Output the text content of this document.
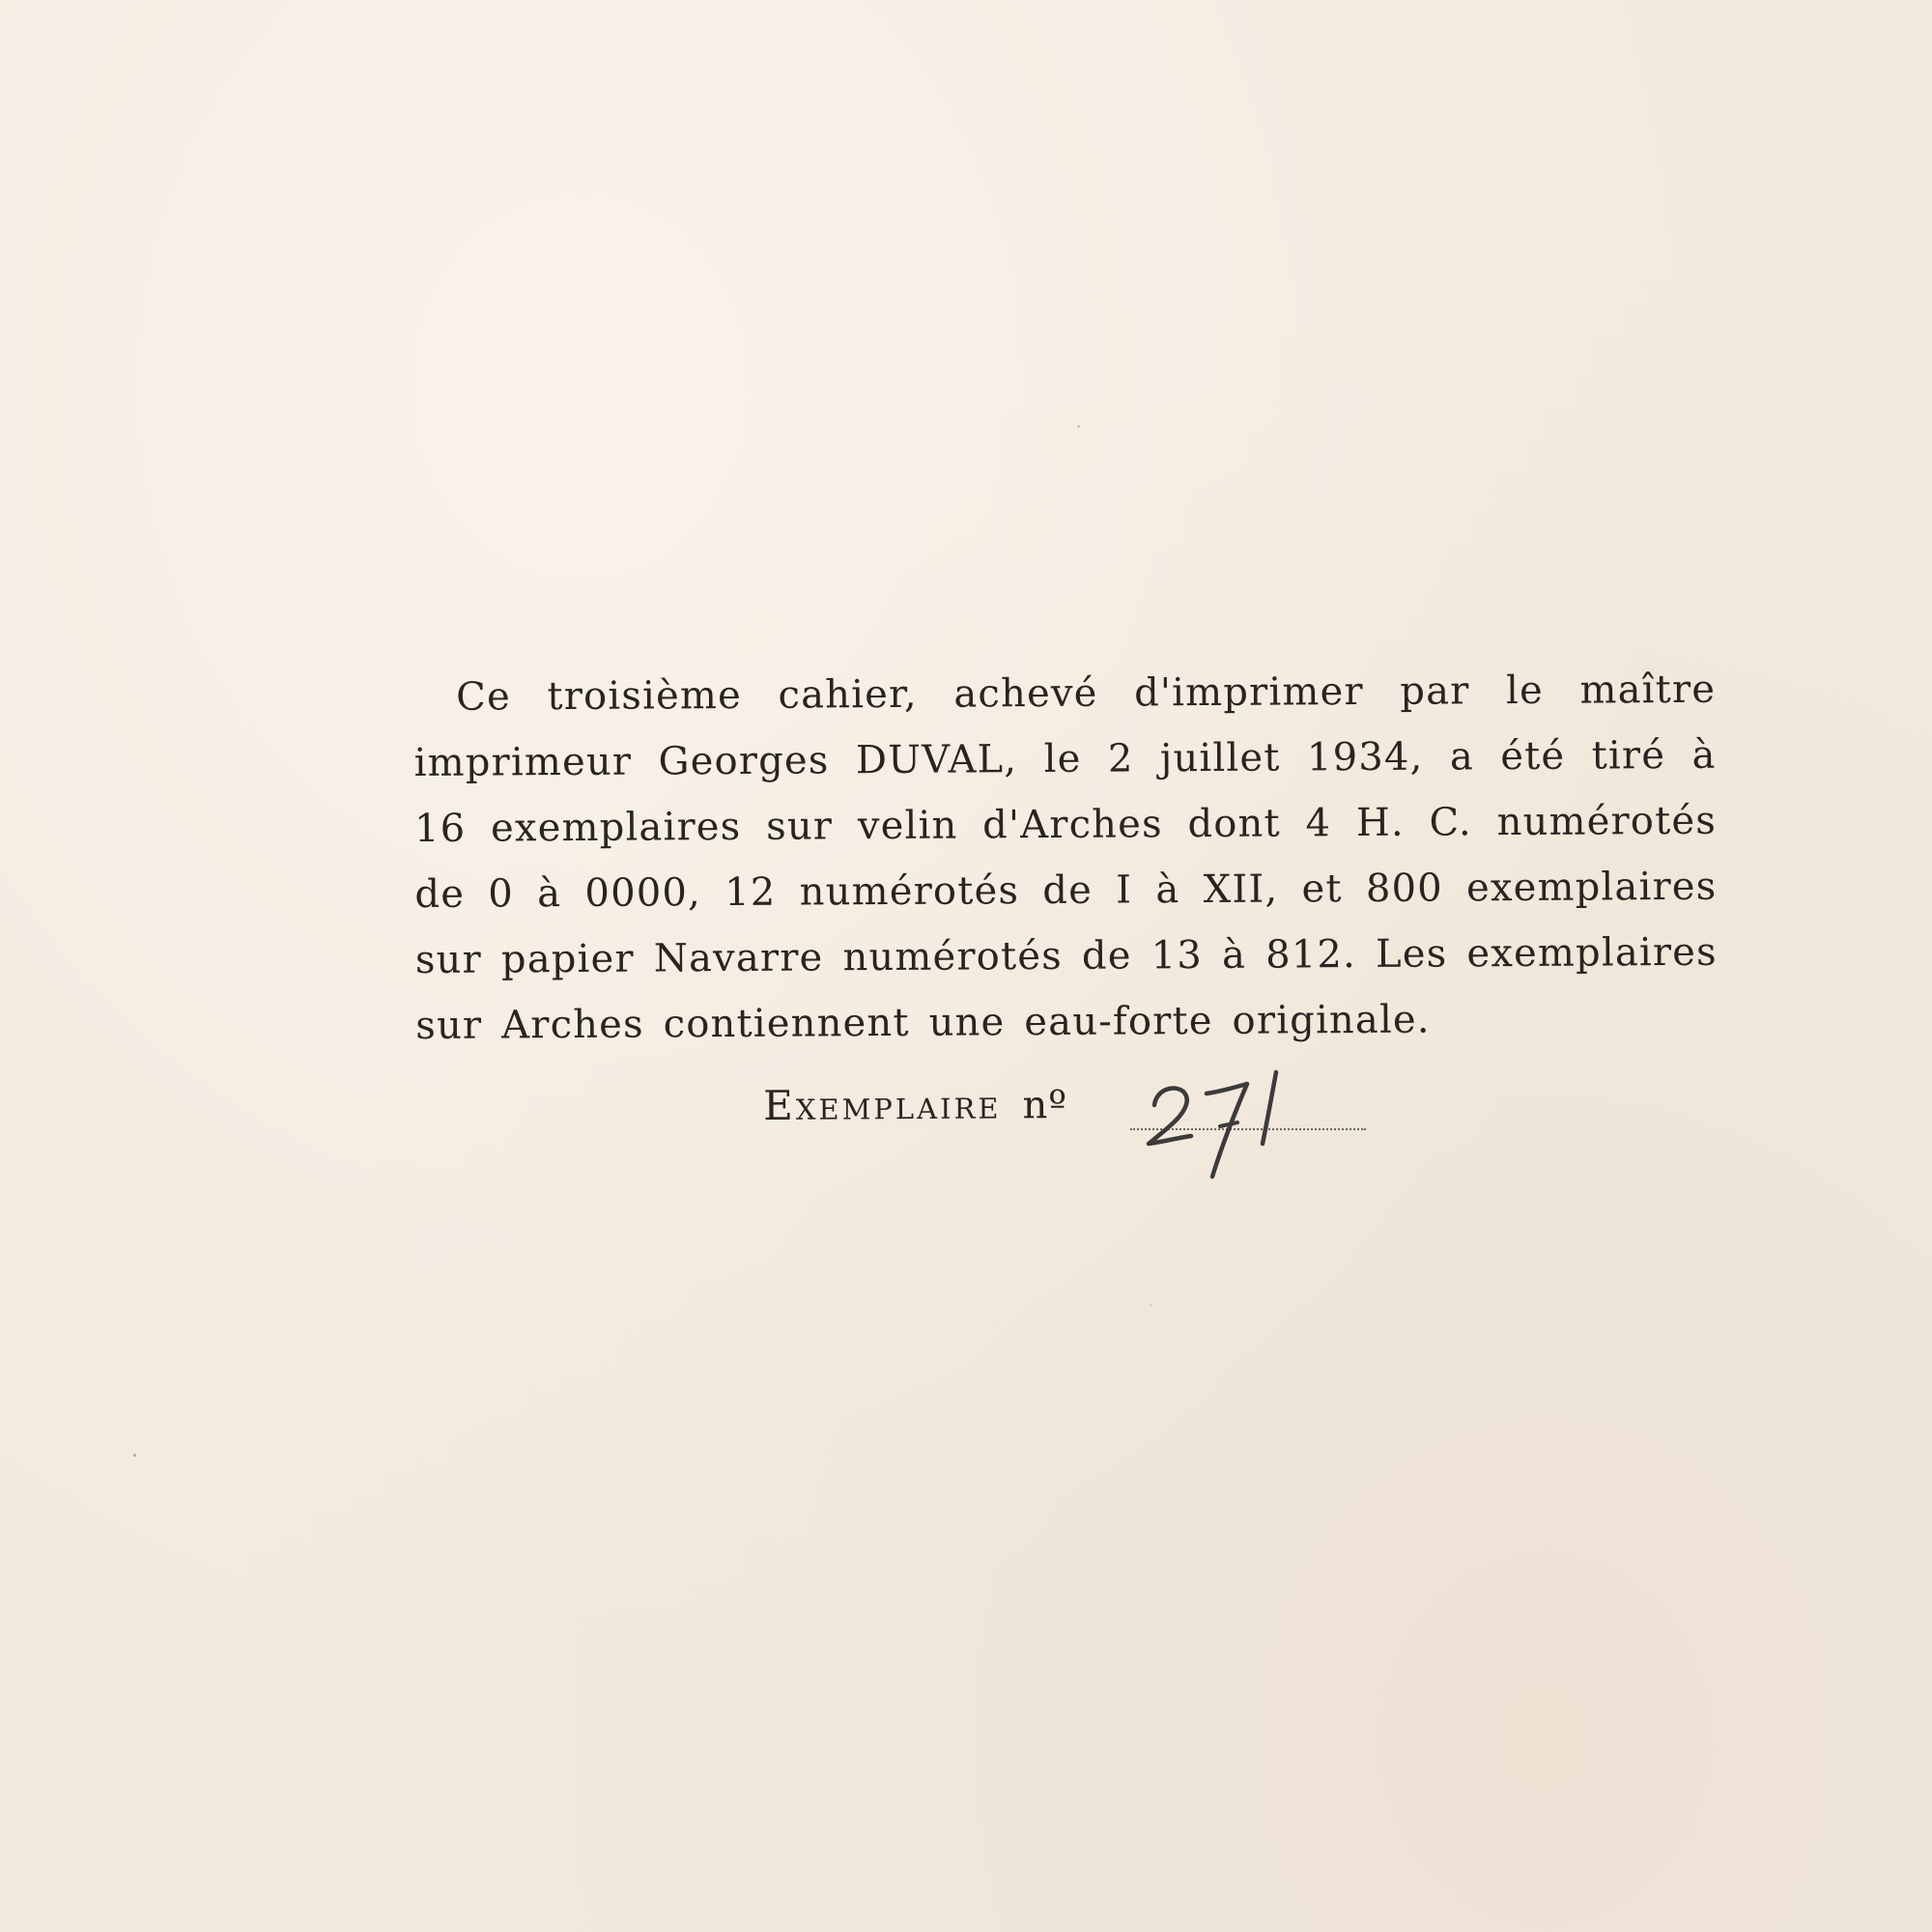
Ce troisième cahier, achevé d'imprimer par le maître
imprimeur Georges DUVAL, le 2 juillet 1934, a été tiré à
16 exemplaires sur velin d'Arches dont 4 H. C. numérotés
de 0 à 0000, 12 numérotés de I à XII, et 800 exemplaires
sur papier Navarre numérotés de 13 à 812. Les exemplaires
sur Arches contiennent une eau-forte originale.
Exemplaire nº
